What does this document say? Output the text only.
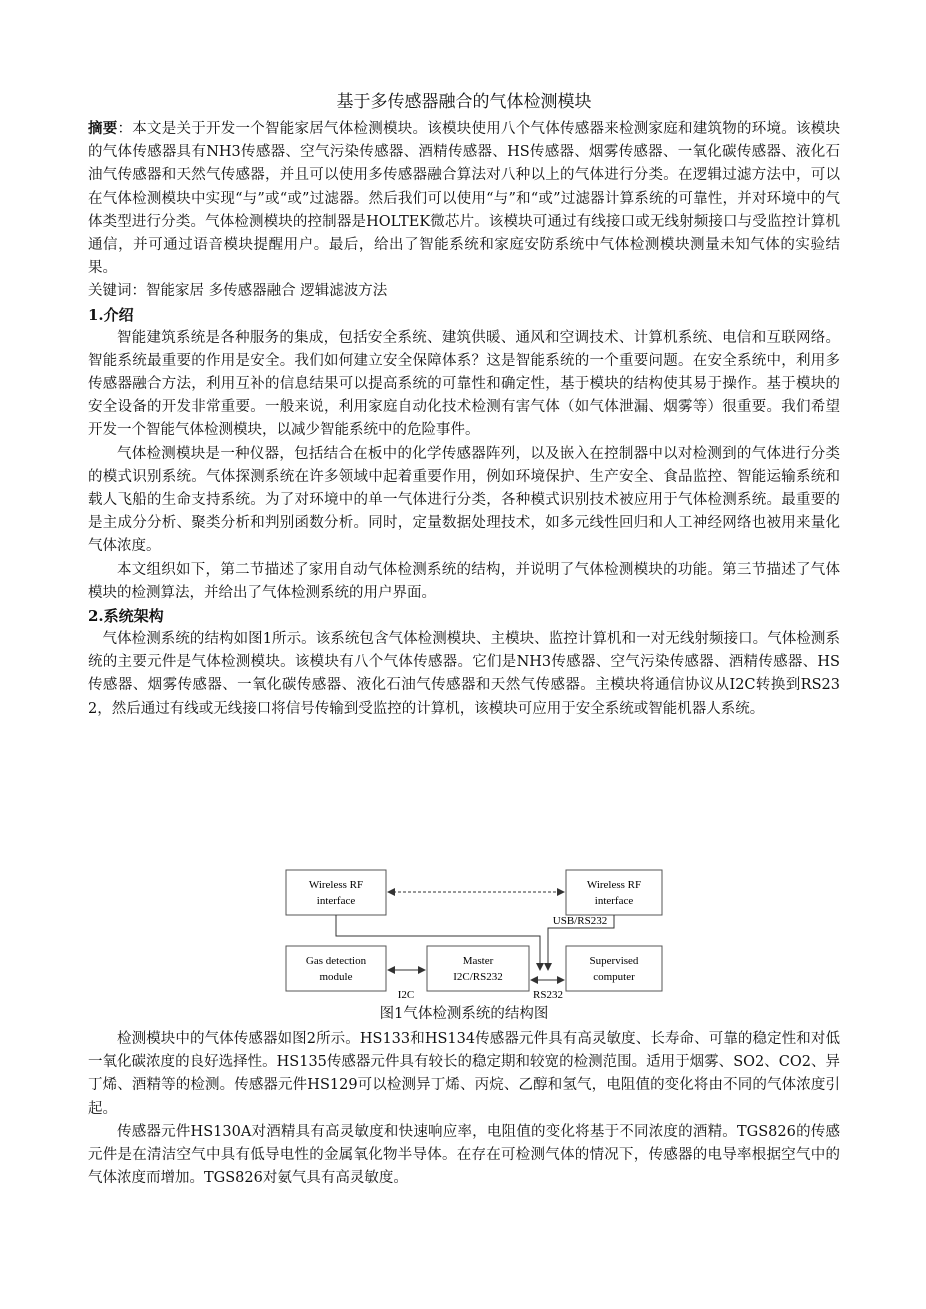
基于多传感器融合的气体检测模块

摘要：本文是关于开发一个智能家居气体检测模块。该模块使用八个气体传感器来检测家庭和建筑物的环境。该模块的气体传感器具有NH3传感器、空气污染传感器、酒精传感器、HS传感器、烟雾传感器、一氧化碳传感器、液化石油气传感器和天然气传感器，并且可以使用多传感器融合算法对八种以上的气体进行分类。在逻辑过滤方法中，可以在气体检测模块中实现“与”或“或”过滤器。然后我们可以使用“与”和“或”过滤器计算系统的可靠性，并对环境中的气体类型进行分类。气体检测模块的控制器是HOLTEK微芯片。该模块可通过有线接口或无线射频接口与受监控计算机通信，并可通过语音模块提醒用户。最后，给出了智能系统和家庭安防系统中气体检测模块测量未知气体的实验结果。

关键词：智能家居 多传感器融合 逻辑滤波方法

1.介绍

智能建筑系统是各种服务的集成，包括安全系统、建筑供暖、通风和空调技术、计算机系统、电信和互联网络。智能系统最重要的作用是安全。我们如何建立安全保障体系？这是智能系统的一个重要问题。在安全系统中，利用多传感器融合方法，利用互补的信息结果可以提高系统的可靠性和确定性，基于模块的结构使其易于操作。基于模块的安全设备的开发非常重要。一般来说，利用家庭自动化技术检测有害气体（如气体泄漏、烟雾等）很重要。我们希望开发一个智能气体检测模块，以减少智能系统中的危险事件。

气体检测模块是一种仪器，包括结合在板中的化学传感器阵列，以及嵌入在控制器中以对检测到的气体进行分类的模式识别系统。气体探测系统在许多领域中起着重要作用，例如环境保护、生产安全、食品监控、智能运输系统和载人飞船的生命支持系统。为了对环境中的单一气体进行分类，各种模式识别技术被应用于气体检测系统。最重要的是主成分分析、聚类分析和判别函数分析。同时，定量数据处理技术，如多元线性回归和人工神经网络也被用来量化气体浓度。

本文组织如下，第二节描述了家用自动气体检测系统的结构，并说明了气体检测模块的功能。第三节描述了气体模块的检测算法，并给出了气体检测系统的用户界面。

2.系统架构

气体检测系统的结构如图1所示。该系统包含气体检测模块、主模块、监控计算机和一对无线射频接口。气体检测系统的主要元件是气体检测模块。该模块有八个气体传感器。它们是NH3传感器、空气污染传感器、酒精传感器、HS传感器、烟雾传感器、一氧化碳传感器、液化石油气传感器和天然气传感器。主模块将通信协议从I2C转换到RS232，然后通过有线或无线接口将信号传输到受监控的计算机，该模块可应用于安全系统或智能机器人系统。

Wireless RF
interface
Wireless RF
interface
Gas detection
module
Master
I2C/RS232
Supervised
computer
USB/RS232
I2C	RS232
图1气体检测系统的结构图

检测模块中的气体传感器如图2所示。HS133和HS134传感器元件具有高灵敏度、长寿命、可靠的稳定性和对低一氧化碳浓度的良好选择性。HS135传感器元件具有较长的稳定期和较宽的检测范围。适用于烟雾、SO2、CO2、异丁烯、酒精等的检测。传感器元件HS129可以检测异丁烯、丙烷、乙醇和氢气，电阻值的变化将由不同的气体浓度引起。

传感器元件HS130A对酒精具有高灵敏度和快速响应率，电阻值的变化将基于不同浓度的酒精。TGS826的传感元件是在清洁空气中具有低导电性的金属氧化物半导体。在存在可检测气体的情况下，传感器的电导率根据空气中的气体浓度而增加。TGS826对氨气具有高灵敏度。
